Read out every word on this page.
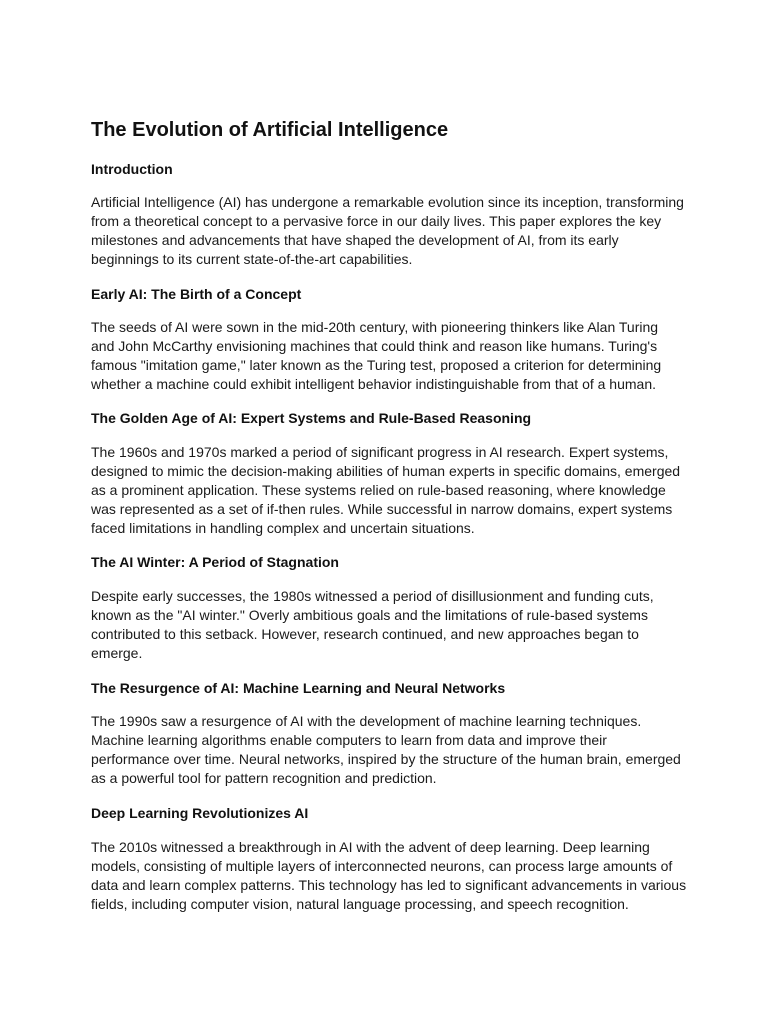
The Evolution of Artificial Intelligence
Introduction

Artificial Intelligence (AI) has undergone a remarkable evolution since its inception, transforming
from a theoretical concept to a pervasive force in our daily lives. This paper explores the key
milestones and advancements that have shaped the development of AI, from its early
beginnings to its current state-of-the-art capabilities.

Early AI: The Birth of a Concept

The seeds of AI were sown in the mid-20th century, with pioneering thinkers like Alan Turing
and John McCarthy envisioning machines that could think and reason like humans. Turing's
famous "imitation game," later known as the Turing test, proposed a criterion for determining
whether a machine could exhibit intelligent behavior indistinguishable from that of a human.

The Golden Age of AI: Expert Systems and Rule-Based Reasoning

The 1960s and 1970s marked a period of significant progress in AI research. Expert systems,
designed to mimic the decision-making abilities of human experts in specific domains, emerged
as a prominent application. These systems relied on rule-based reasoning, where knowledge
was represented as a set of if-then rules. While successful in narrow domains, expert systems
faced limitations in handling complex and uncertain situations.

The AI Winter: A Period of Stagnation

Despite early successes, the 1980s witnessed a period of disillusionment and funding cuts,
known as the "AI winter." Overly ambitious goals and the limitations of rule-based systems
contributed to this setback. However, research continued, and new approaches began to
emerge.

The Resurgence of AI: Machine Learning and Neural Networks

The 1990s saw a resurgence of AI with the development of machine learning techniques.
Machine learning algorithms enable computers to learn from data and improve their
performance over time. Neural networks, inspired by the structure of the human brain, emerged
as a powerful tool for pattern recognition and prediction.

Deep Learning Revolutionizes AI

The 2010s witnessed a breakthrough in AI with the advent of deep learning. Deep learning
models, consisting of multiple layers of interconnected neurons, can process large amounts of
data and learn complex patterns. This technology has led to significant advancements in various
fields, including computer vision, natural language processing, and speech recognition.
